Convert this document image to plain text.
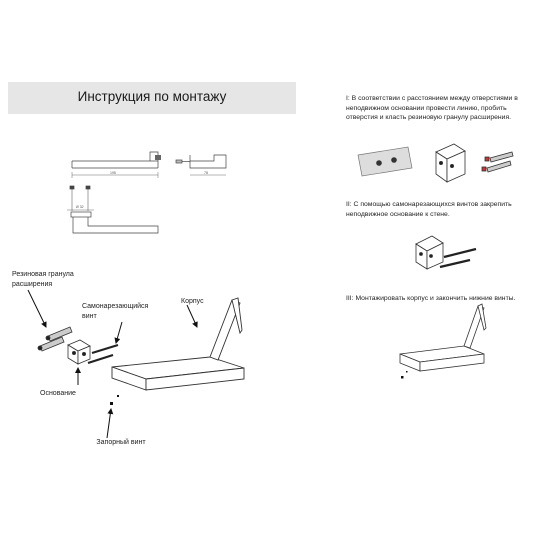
Инструкция по монтажу
195	78
Ø 32
Резиновая гранула расширения
Самонарезающийся винт
Корпус
Основание
Запорный винт
I: В соответствии с расстоянием между отверстиями в неподвижном основании провести линию, пробить отверстия и класть резиновую гранулу расширения.
II: С помощью самонарезающихся винтов закрепить неподвижное основание к стене.
III: Монтажировать корпус и закончить нижние винты.
